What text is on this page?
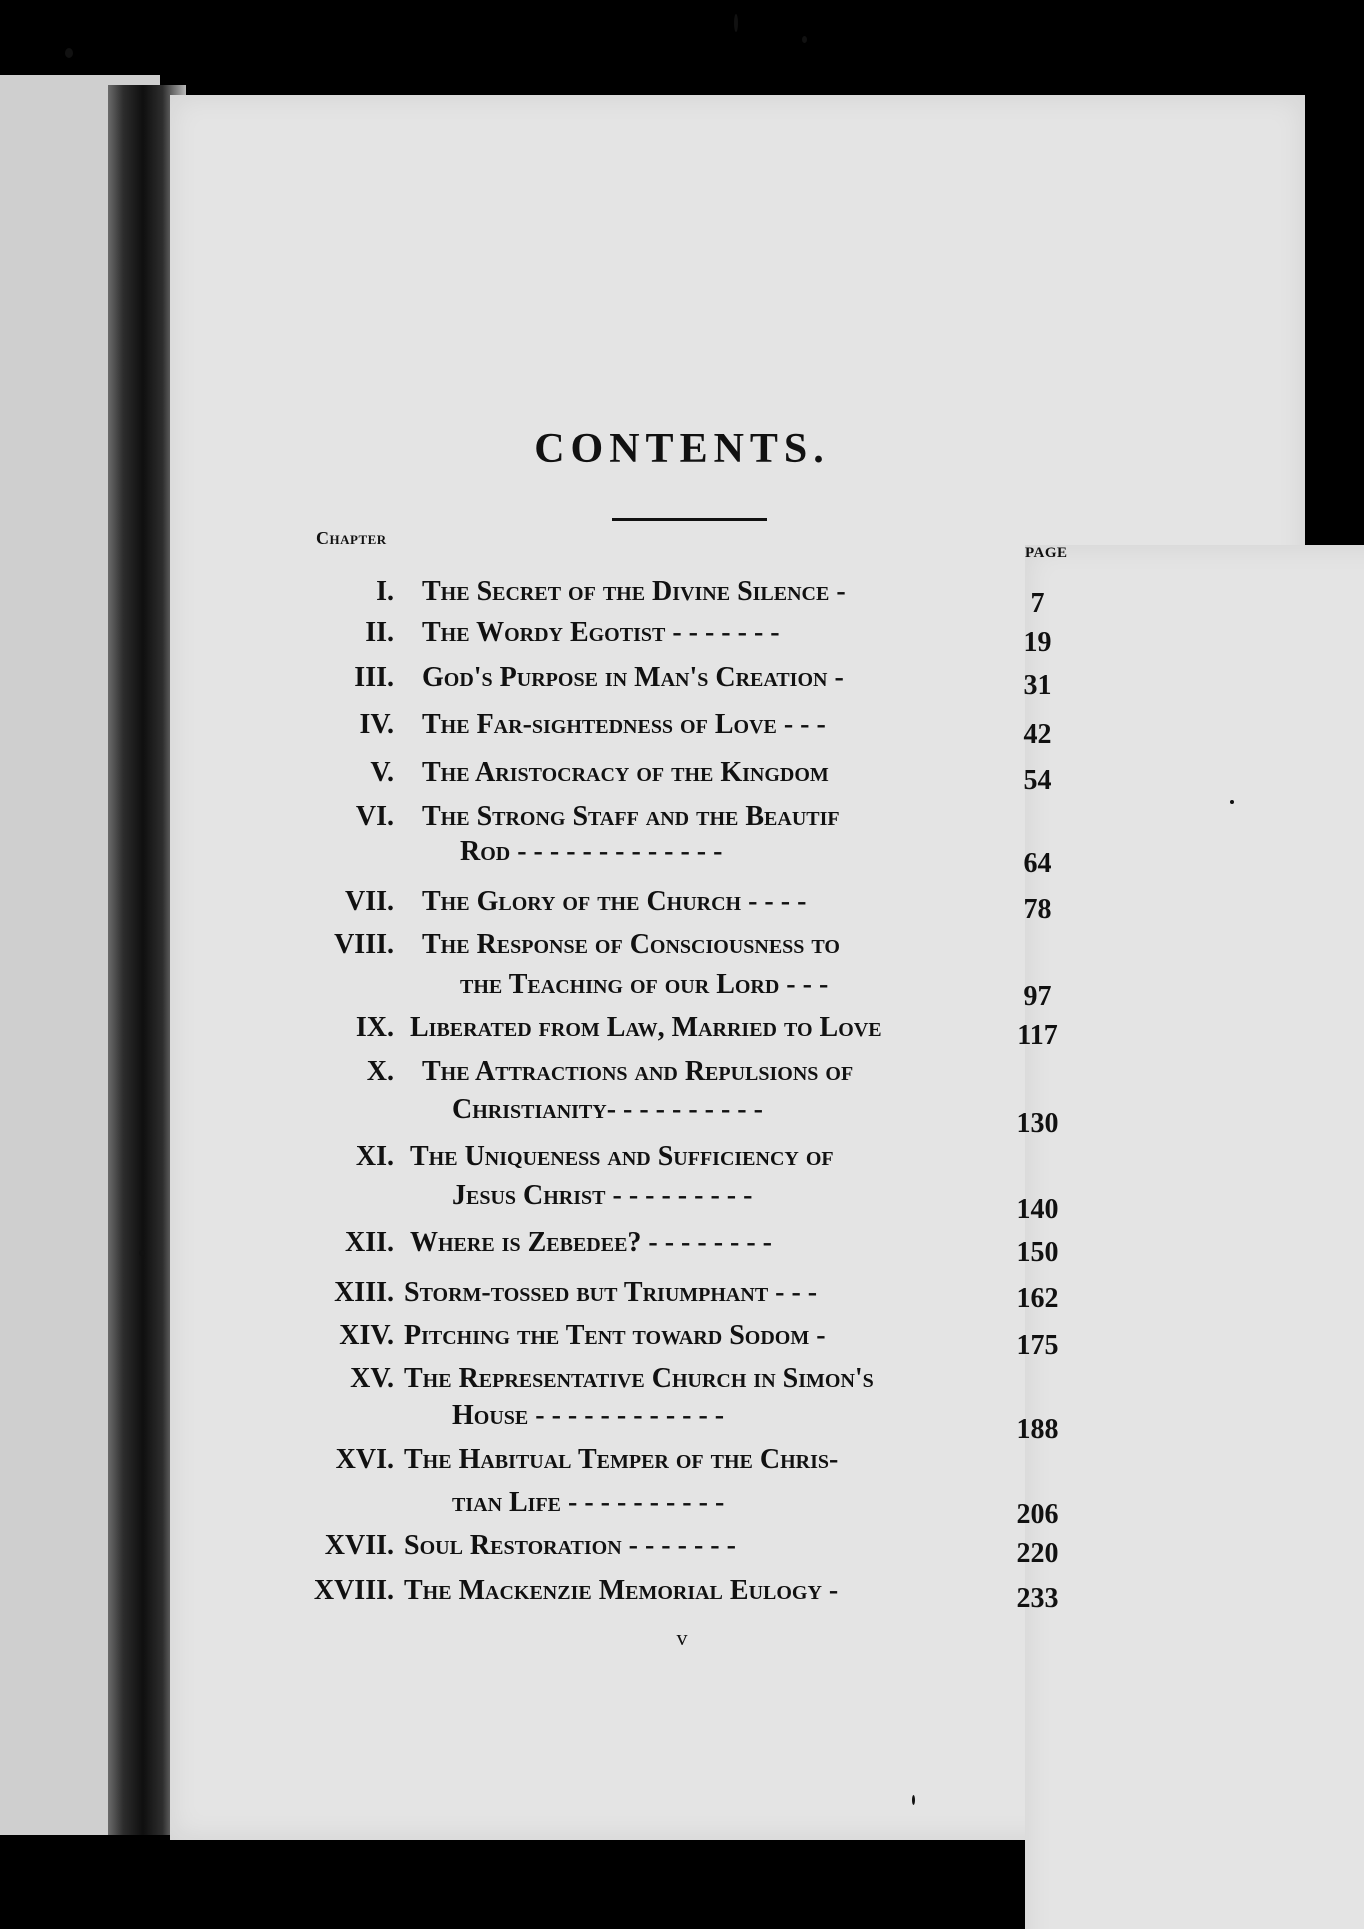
CONTENTS.
Chapter
PAGE
I. The Secret of the Divine Silence -	7
II. The Wordy Egotist - - - - - - -	19
III. God's Purpose in Man's Creation -	31
IV. The Far-sightedness of Love - - -	42
V. The Aristocracy of the Kingdom	54
VI. The Strong Staff and the Beautif
Rod - - - - - - - - - - - - -	64
VII. The Glory of the Church - - - -	78
VIII. The Response of Consciousness to
the Teaching of our Lord - - -	97
IX. Liberated from Law, Married to Love	117
X. The Attractions and Repulsions of
Christianity- - - - - - - - - -	130
XI. The Uniqueness and Sufficiency of
Jesus Christ - - - - - - - - -	140
XII. Where is Zebedee? - - - - - - - -	150
XIII. Storm-tossed but Triumphant - - -	162
XIV. Pitching the Tent toward Sodom -	175
XV. The Representative Church in Simon's
House - - - - - - - - - - - -	188
XVI. The Habitual Temper of the Chris-
tian Life - - - - - - - - - -	206
XVII. Soul Restoration - - - - - - -	220
XVIII. The Mackenzie Memorial Eulogy -	233
v
